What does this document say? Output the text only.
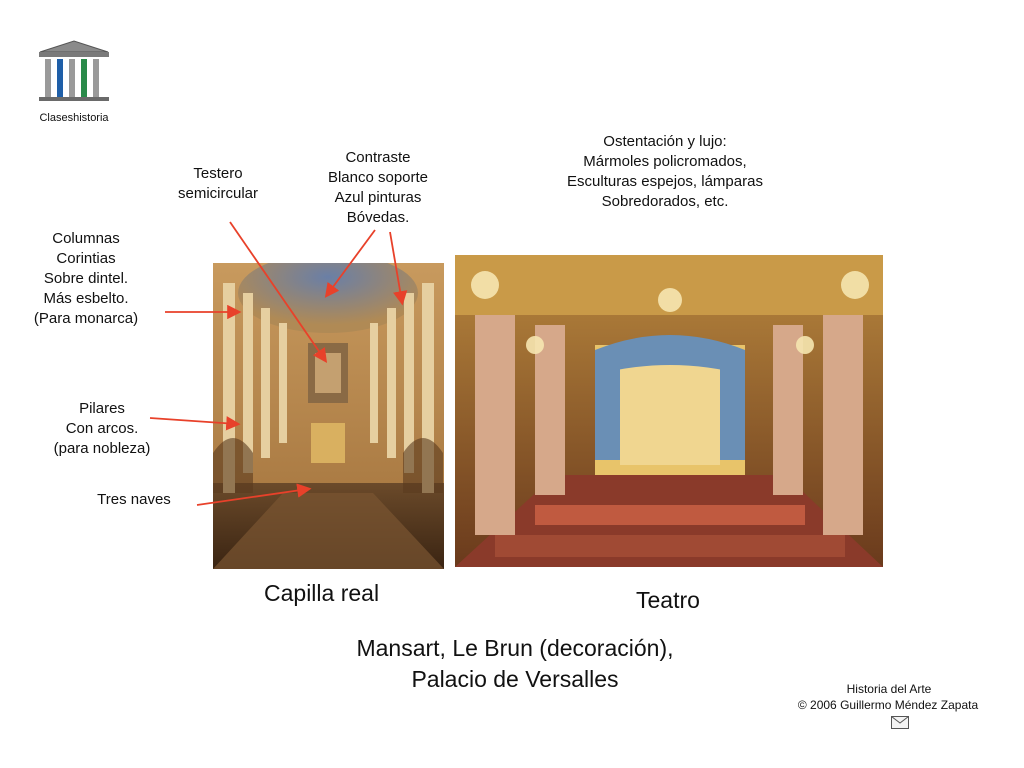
Claseshistoria
Testero
semicircular
Contraste
Blanco soporte
Azul pinturas
Bóvedas.
Ostentación y lujo:
Mármoles policromados,
Esculturas espejos, lámparas
Sobredorados, etc.
Columnas
Corintias
Sobre dintel.
Más esbelto.
(Para monarca)
Pilares
Con arcos.
(para nobleza)
Tres naves
Capilla real	Teatro
Mansart, Le Brun (decoración),
Palacio de Versalles	Historia del Arte
© 2006 Guillermo Méndez Zapata
